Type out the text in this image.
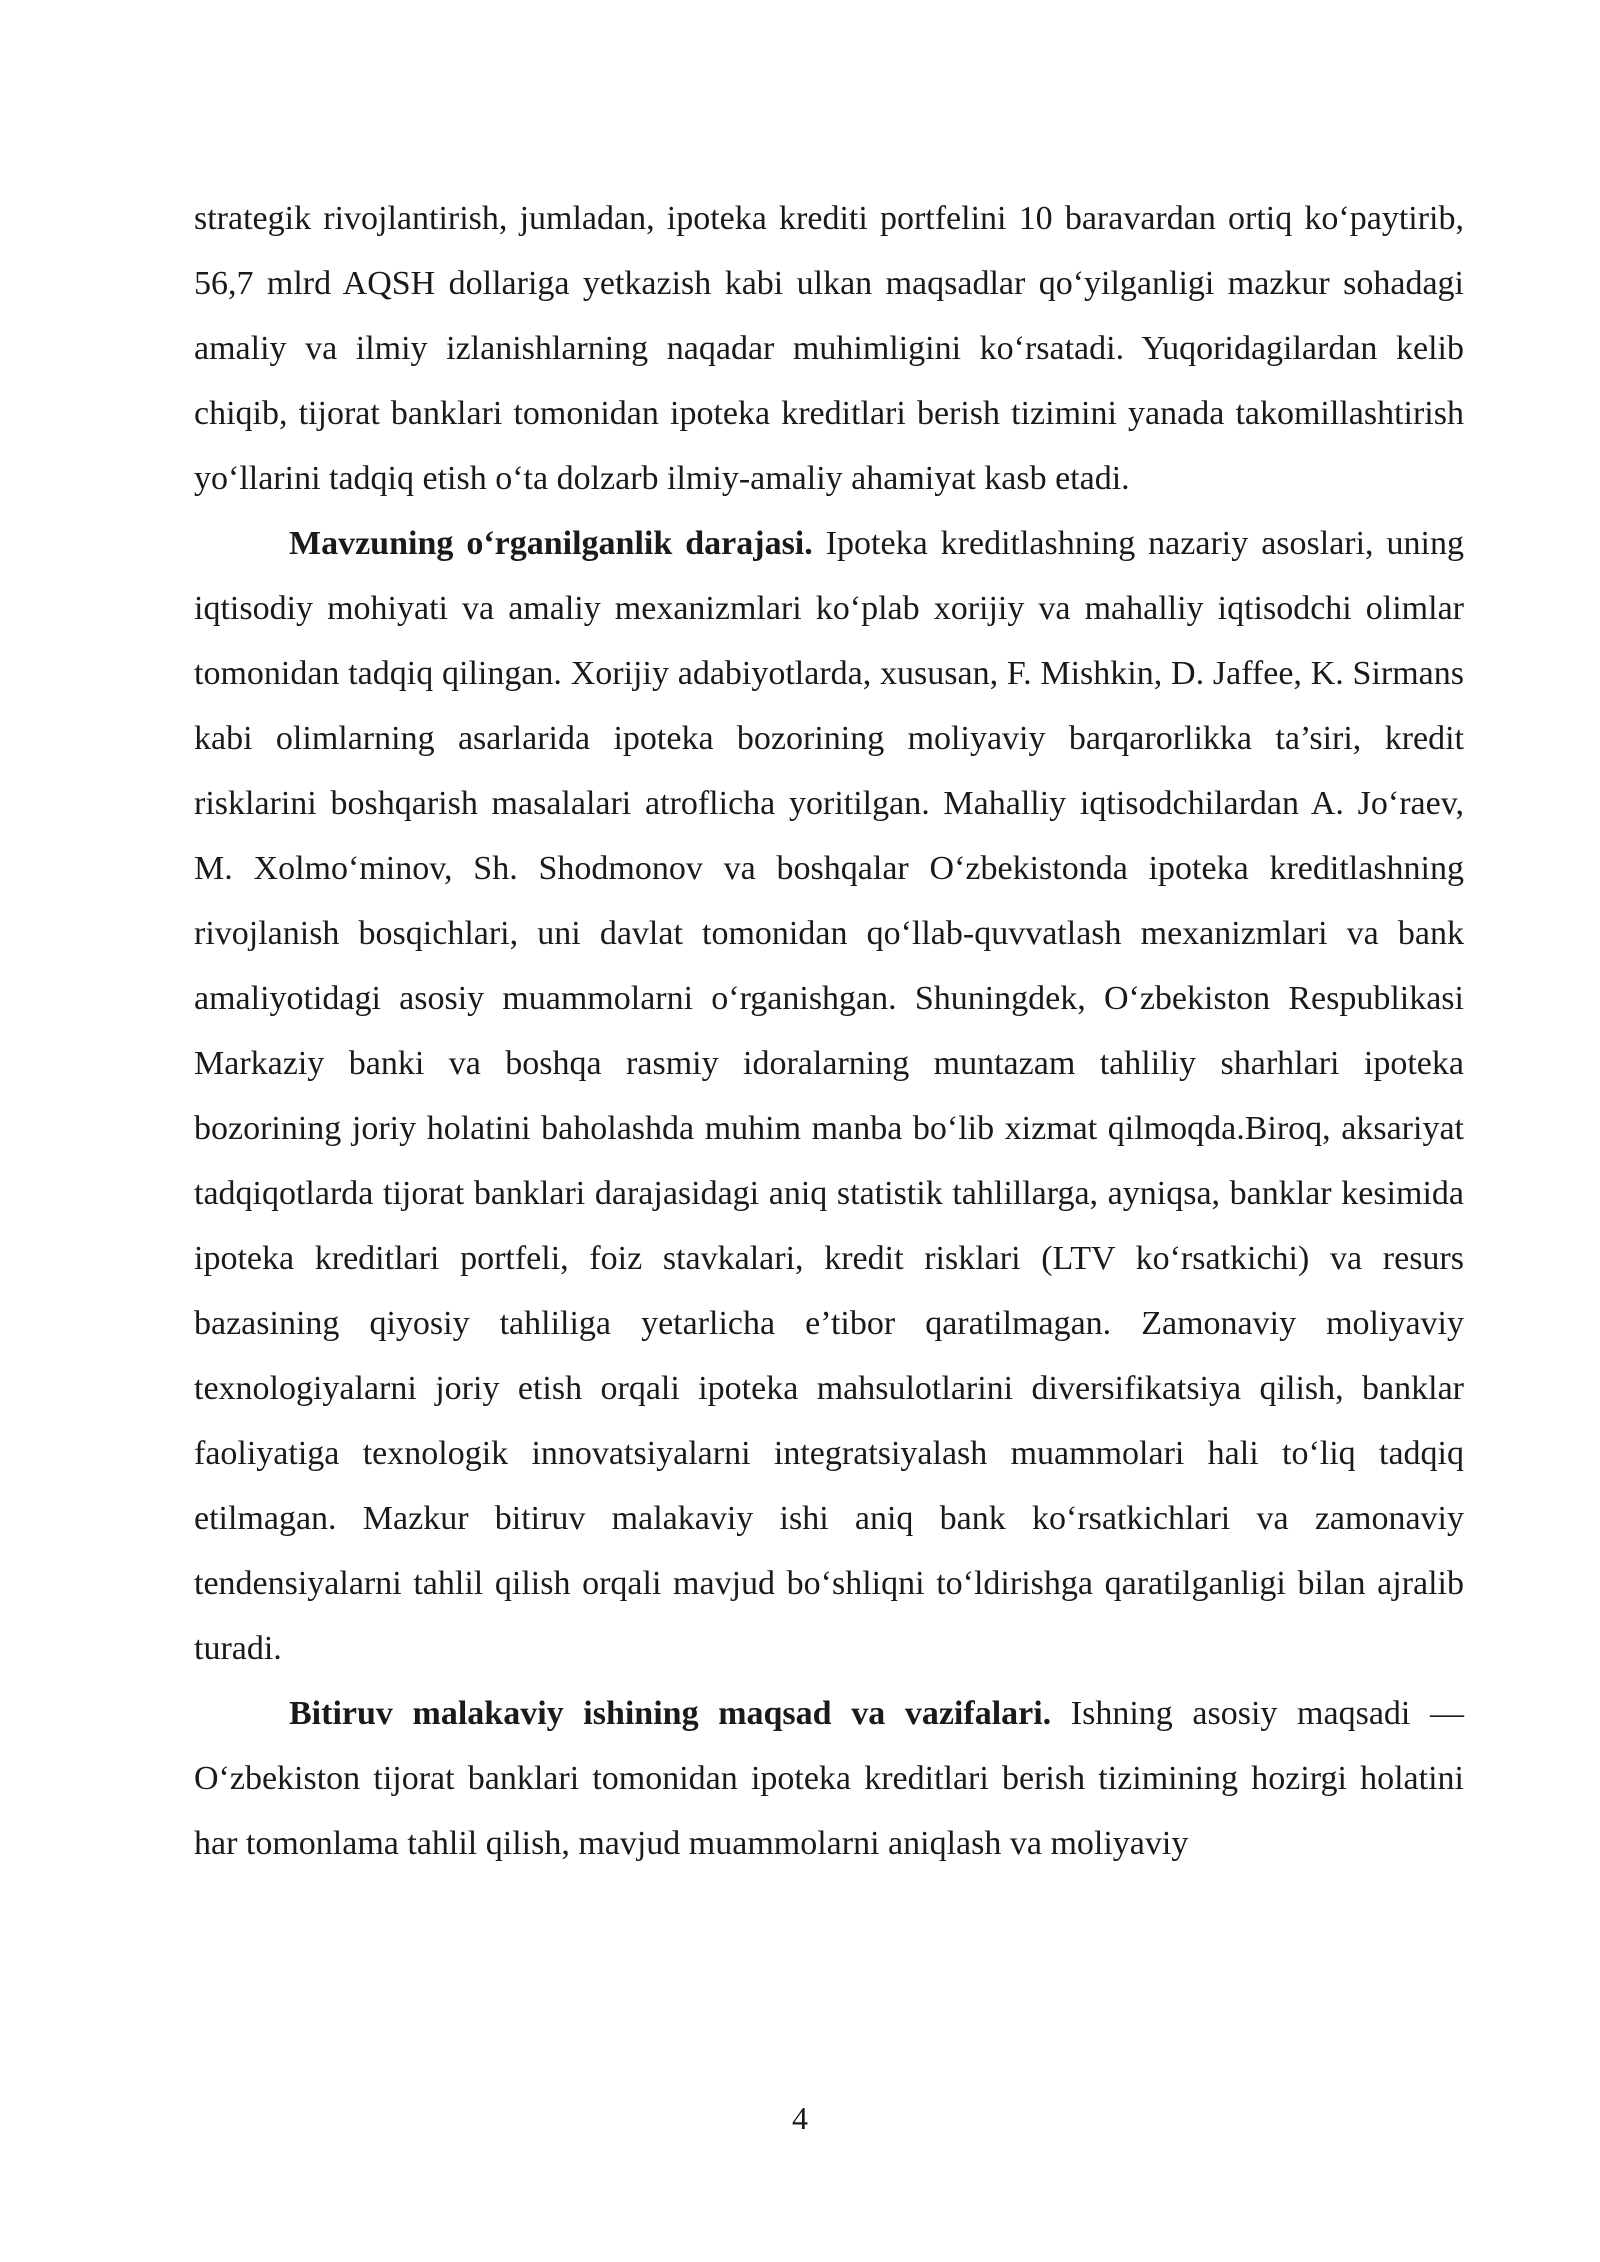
strategik rivojlantirish, jumladan, ipoteka krediti portfelini 10 baravardan ortiq ko‘paytirib, 56,7 mlrd AQSH dollariga yetkazish kabi ulkan maqsadlar qo‘yilganligi mazkur sohadagi amaliy va ilmiy izlanishlarning naqadar muhimligini ko‘rsatadi. Yuqoridagilardan kelib chiqib, tijorat banklari tomonidan ipoteka kreditlari berish tizimini yanada takomillashtirish yo‘llarini tadqiq etish o‘ta dolzarb ilmiy-amaliy ahamiyat kasb etadi.

Mavzuning o‘rganilganlik darajasi. Ipoteka kreditlashning nazariy asoslari, uning iqtisodiy mohiyati va amaliy mexanizmlari ko‘plab xorijiy va mahalliy iqtisodchi olimlar tomonidan tadqiq qilingan. Xorijiy adabiyotlarda, xususan, F. Mishkin, D. Jaffee, K. Sirmans kabi olimlarning asarlarida ipoteka bozorining moliyaviy barqarorlikka ta’siri, kredit risklarini boshqarish masalalari atroflicha yoritilgan. Mahalliy iqtisodchilardan A. Jo‘raev, M. Xolmo‘minov, Sh. Shodmonov va boshqalar O‘zbekistonda ipoteka kreditlashning rivojlanish bosqichlari, uni davlat tomonidan qo‘llab-quvvatlash mexanizmlari va bank amaliyotidagi asosiy muammolarni o‘rganishgan. Shuningdek, O‘zbekiston Respublikasi Markaziy banki va boshqa rasmiy idoralarning muntazam tahliliy sharhlari ipoteka bozorining joriy holatini baholashda muhim manba bo‘lib xizmat qilmoqda.Biroq, aksariyat tadqiqotlarda tijorat banklari darajasidagi aniq statistik tahlillarga, ayniqsa, banklar kesimida ipoteka kreditlari portfeli, foiz stavkalari, kredit risklari (LTV ko‘rsatkichi) va resurs bazasining qiyosiy tahliliga yetarlicha e’tibor qaratilmagan. Zamonaviy moliyaviy texnologiyalarni joriy etish orqali ipoteka mahsulotlarini diversifikatsiya qilish, banklar faoliyatiga texnologik innovatsiyalarni integratsiyalash muammolari hali to‘liq tadqiq etilmagan. Mazkur bitiruv malakaviy ishi aniq bank ko‘rsatkichlari va zamonaviy tendensiyalarni tahlil qilish orqali mavjud bo‘shliqni to‘ldirishga qaratilganligi bilan ajralib turadi.

Bitiruv malakaviy ishining maqsad va vazifalari. Ishning asosiy maqsadi — O‘zbekiston tijorat banklari tomonidan ipoteka kreditlari berish tizimining hozirgi holatini har tomonlama tahlil qilish, mavjud muammolarni aniqlash va moliyaviy

4
